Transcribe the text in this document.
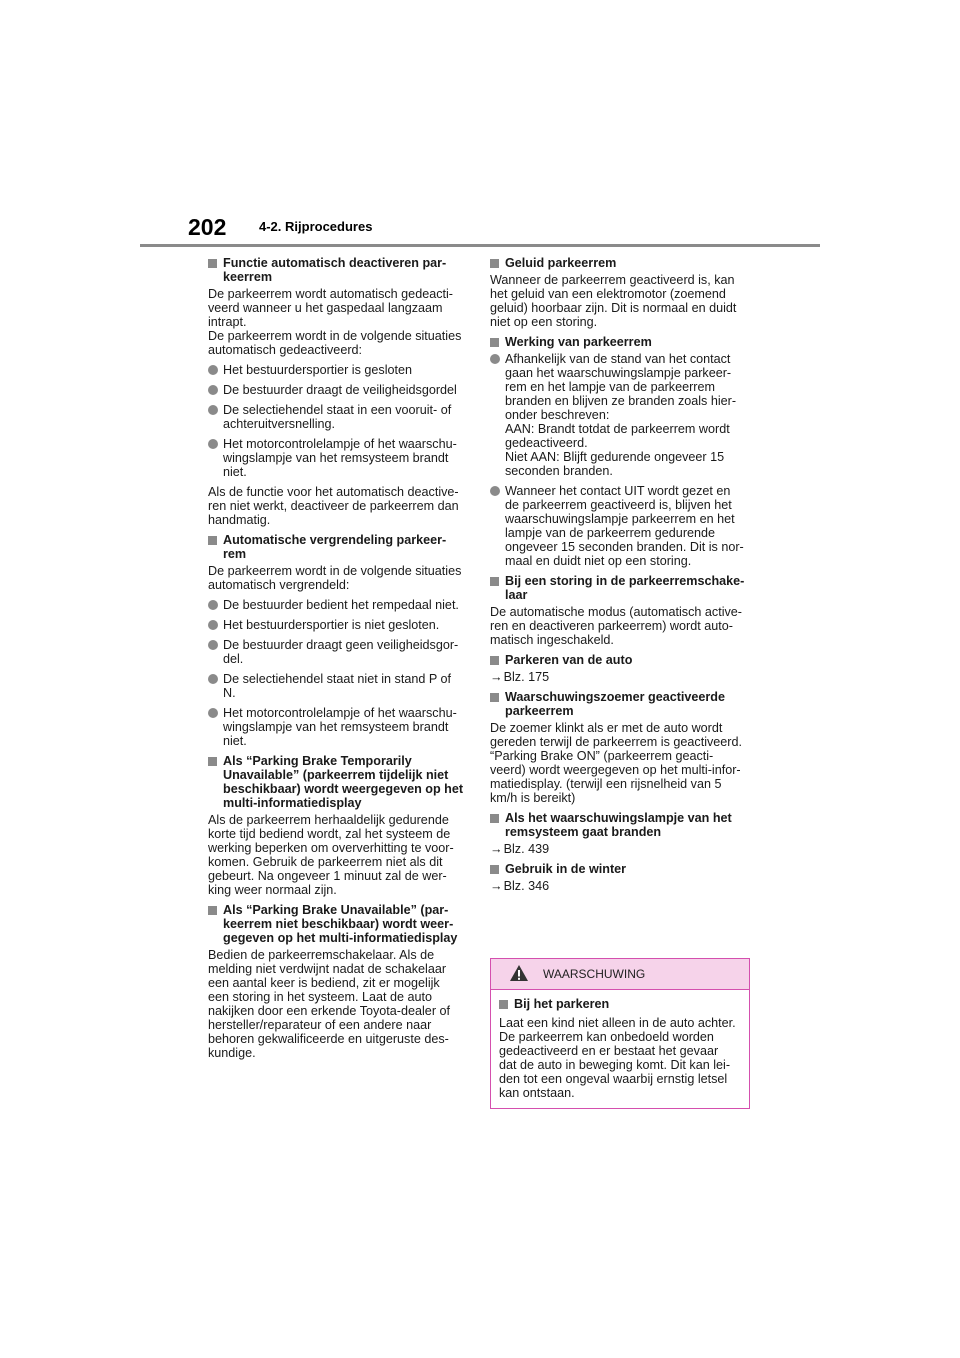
202	4-2. Rijprocedures
Functie automatisch deactiveren par-
keerrem

De parkeerrem wordt automatisch gedeacti-
veerd wanneer u het gaspedaal langzaam
intrapt.
De parkeerrem wordt in de volgende situaties
automatisch gedeactiveerd:

Het bestuurdersportier is gesloten
De bestuurder draagt de veiligheidsgordel
De selectiehendel staat in een vooruit- of
achteruitversnelling.
Het motorcontrolelampje of het waarschu-
wingslampje van het remsysteem brandt
niet.

Als de functie voor het automatisch deactive-
ren niet werkt, deactiveer de parkeerrem dan
handmatig.

Automatische vergrendeling parkeer-
rem

De parkeerrem wordt in de volgende situaties
automatisch vergrendeld:

De bestuurder bedient het rempedaal niet.
Het bestuurdersportier is niet gesloten.
De bestuurder draagt geen veiligheidsgor-
del.
De selectiehendel staat niet in stand P of
N.
Het motorcontrolelampje of het waarschu-
wingslampje van het remsysteem brandt
niet.
Als “Parking Brake Temporarily
Unavailable” (parkeerrem tijdelijk niet
beschikbaar) wordt weergegeven op het
multi-informatiedisplay

Als de parkeerrem herhaaldelijk gedurende
korte tijd bediend wordt, zal het systeem de
werking beperken om oververhitting te voor-
komen. Gebruik de parkeerrem niet als dit
gebeurt. Na ongeveer 1 minuut zal de wer-
king weer normaal zijn.

Als “Parking Brake Unavailable” (par-
keerrem niet beschikbaar) wordt weer-
gegeven op het multi-informatiedisplay

Bedien de parkeerremschakelaar. Als de
melding niet verdwijnt nadat de schakelaar
een aantal keer is bediend, zit er mogelijk
een storing in het systeem. Laat de auto
nakijken door een erkende Toyota-dealer of
hersteller/reparateur of een andere naar
behoren gekwalificeerde en uitgeruste des-
kundige.

Geluid parkeerrem

Wanneer de parkeerrem geactiveerd is, kan
het geluid van een elektromotor (zoemend
geluid) hoorbaar zijn. Dit is normaal en duidt
niet op een storing.

Werking van parkeerrem
Afhankelijk van de stand van het contact
gaan het waarschuwingslampje parkeer-
rem en het lampje van de parkeerrem
branden en blijven ze branden zoals hier-
onder beschreven:
AAN: Brandt totdat de parkeerrem wordt
gedeactiveerd.
Niet AAN: Blijft gedurende ongeveer 15
seconden branden.
Wanneer het contact UIT wordt gezet en
de parkeerrem geactiveerd is, blijven het
waarschuwingslampje parkeerrem en het
lampje van de parkeerrem gedurende
ongeveer 15 seconden branden. Dit is nor-
maal en duidt niet op een storing.
Bij een storing in de parkeerremschake-
laar

De automatische modus (automatisch active-
ren en deactiveren parkeerrem) wordt auto-
matisch ingeschakeld.

Parkeren van de auto
→Blz. 175
Waarschuwingszoemer geactiveerde
parkeerrem

De zoemer klinkt als er met de auto wordt
gereden terwijl de parkeerrem is geactiveerd.
“Parking Brake ON” (parkeerrem geacti-
veerd) wordt weergegeven op het multi-infor-
matiedisplay. (terwijl een rijsnelheid van 5
km/h is bereikt)

Als het waarschuwingslampje van het
remsysteem gaat branden
→Blz. 439
Gebruik in de winter
→Blz. 346
WAARSCHUWING
Bij het parkeren

Laat een kind niet alleen in de auto achter.
De parkeerrem kan onbedoeld worden
gedeactiveerd en er bestaat het gevaar
dat de auto in beweging komt. Dit kan lei-
den tot een ongeval waarbij ernstig letsel
kan ontstaan.
